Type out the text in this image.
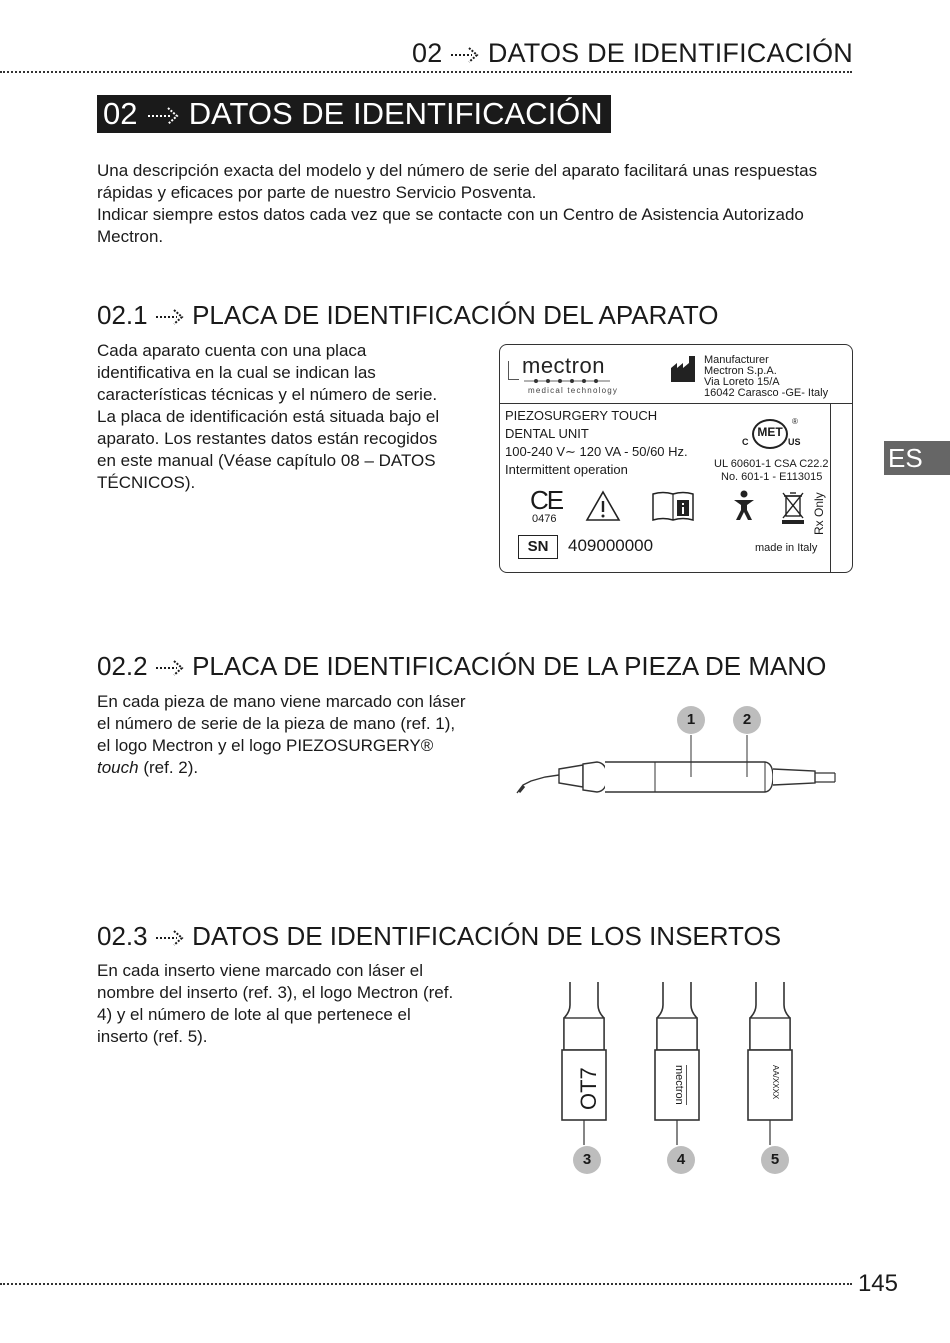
02 DATOS DE IDENTIFICACIÓN
02 DATOS DE IDENTIFICACIÓN
Una descripción exacta del modelo y del número de serie del aparato facilitará unas respuestas rápidas y eficaces por parte de nuestro Servicio Posventa.
Indicar siempre estos datos cada vez que se contacte con un Centro de Asistencia Autorizado Mectron.
02.1 PLACA DE IDENTIFICACIÓN DEL APARATO

Cada aparato cuenta con una placa identificativa en la cual se indican las características técnicas y el número de serie. La placa de identificación está situada bajo el aparato. Los restantes datos están recogidos en este manual (Véase capítulo 08 – DATOS TÉCNICOS).

mectron
medical technology
Manufacturer
Mectron S.p.A.
Via Loreto 15/A
16042 Carasco -GE- Italy
PIEZOSURGERY TOUCH
DENTAL UNIT
100-240 V∼ 120 VA - 50/60 Hz.
Intermittent operation
MET
C	US
®
UL 60601-1 CSA C22.2
No. 601-1 - E113015
CE
0476
SN	409000000	made in Italy
Rx Only
ES
02.2 PLACA DE IDENTIFICACIÓN DE LA PIEZA DE MANO

En cada pieza de mano viene marcado con láser el número de serie de la pieza de mano (ref. 1), el logo Mectron y el logo PIEZOSURGERY® touch (ref. 2).

1	2
02.3 DATOS DE IDENTIFICACIÓN DE LOS INSERTOS

En cada inserto viene marcado con láser el nombre del inserto (ref. 3), el logo Mectron (ref. 4) y el número de lote al que pertenece el inserto (ref. 5).

OT7	mectron	AA/XXXX
3	4	5
145
